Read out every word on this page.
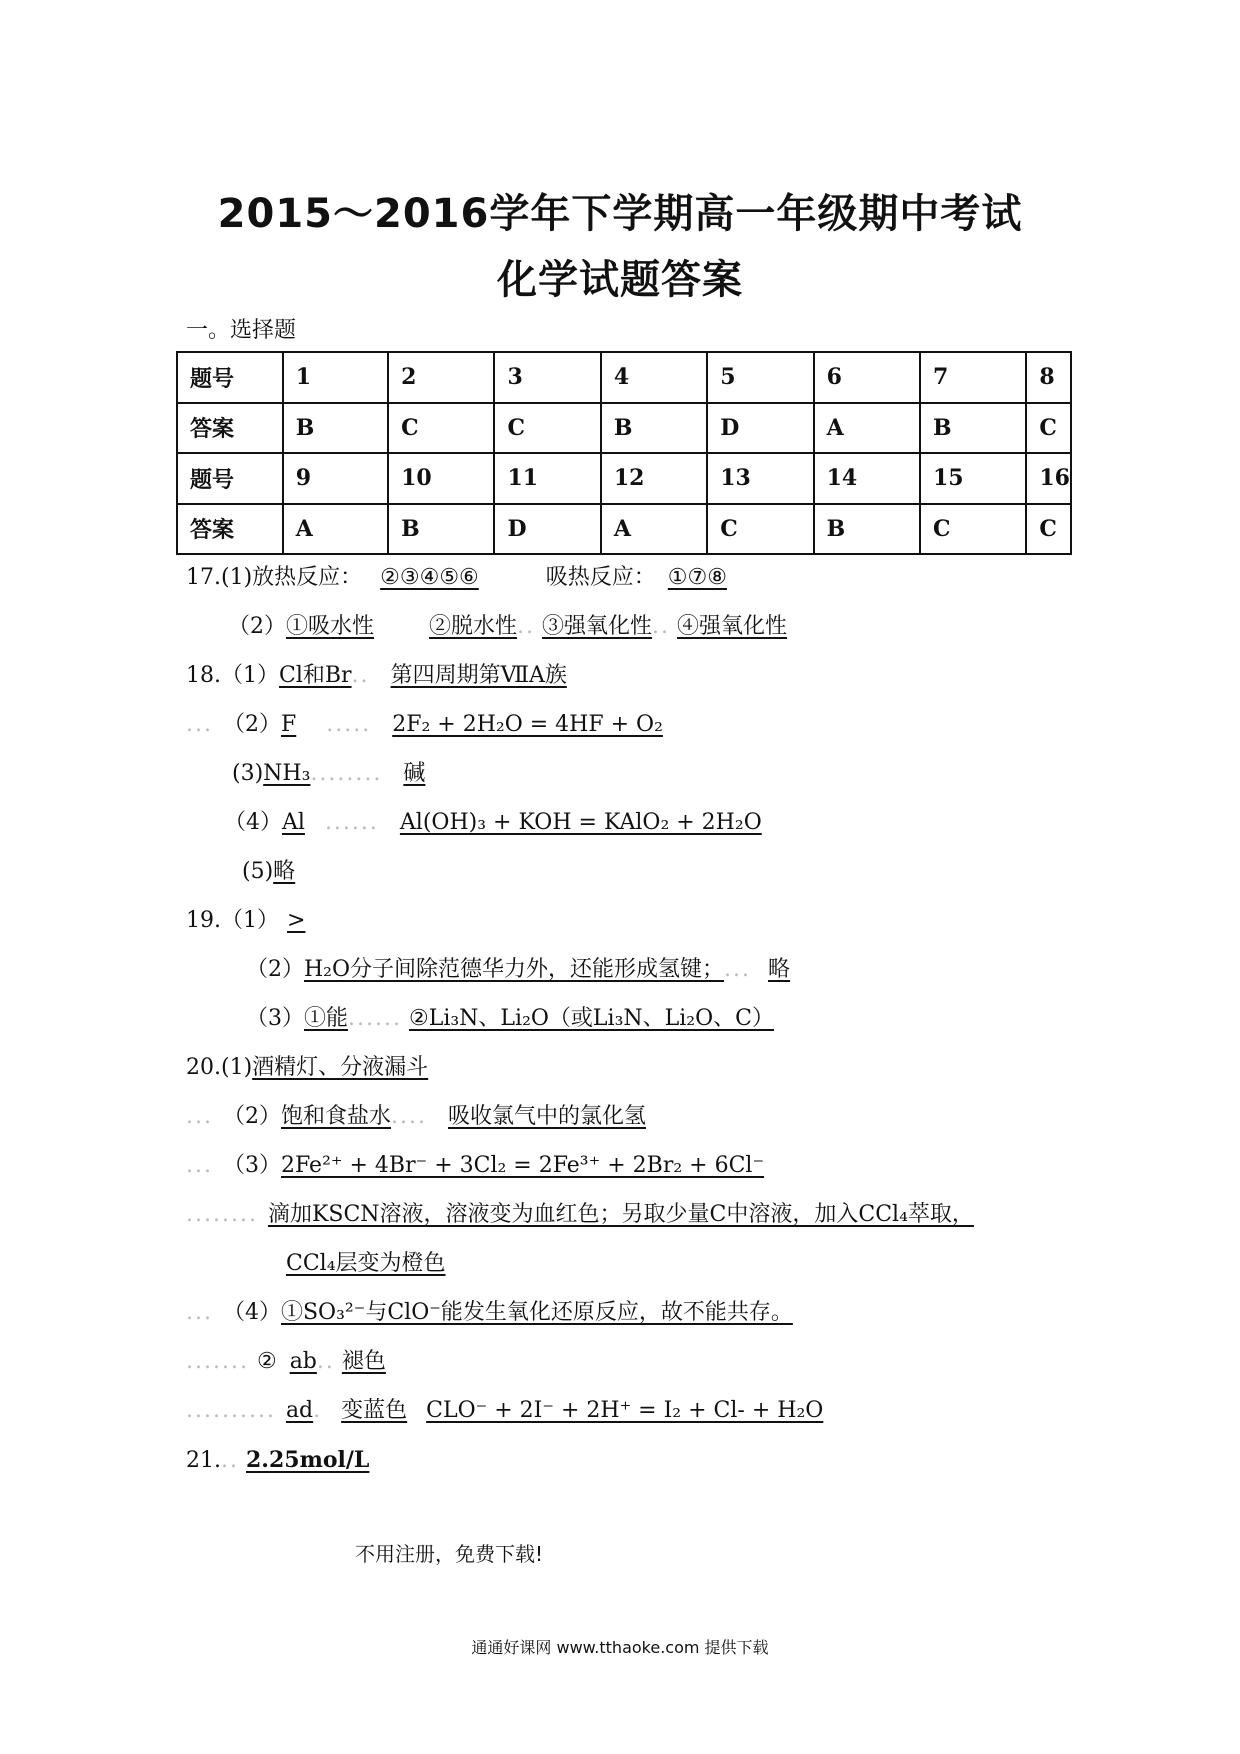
2015～2016学年下学期高一年级期中考试
化学试题答案
一。选择题
题号	1	2	3	4	5	6	7	8
答案	B	C	C	B	D	A	B	C
题号	9	10	11	12	13	14	15	16
答案	A	B	D	A	C	B	C	C
17.(1)放热反应： ②③④⑤⑥	吸热反应： ①⑦⑧
（2）①吸水性	②脱水性.. ③强氧化性.. ④强氧化性
18.（1）Cl和Br.. 第四周期第ⅦA族
... （2）F ..... 2F₂ + 2H₂O = 4HF + O₂
(3)NH₃........ 碱
（4）Al ...... Al(OH)₃ + KOH = KAlO₂ + 2H₂O
(5)略
19.（1） >
（2）H₂O分子间除范德华力外，还能形成氢键；... 略
（3）①能...... ②Li₃N、Li₂O（或Li₃N、Li₂O、C）
20.(1)酒精灯、分液漏斗
... （2）饱和食盐水.... 吸收氯气中的氯化氢
... （3）2Fe²⁺ + 4Br⁻ + 3Cl₂ = 2Fe³⁺ + 2Br₂ + 6Cl⁻
........ 滴加KSCN溶液，溶液变为血红色；另取少量C中溶液，加入CCl₄萃取，
CCl₄层变为橙色
... （4）①SO₃²⁻与ClO⁻能发生氧化还原反应，故不能共存。
....... ② ab.. 褪色
.......... ad. 变蓝色 CLO⁻ + 2I⁻ + 2H⁺ = I₂ + Cl- + H₂O
21... 2.25mol/L
不用注册，免费下载!
通通好课网 www.tthaoke.com 提供下载
